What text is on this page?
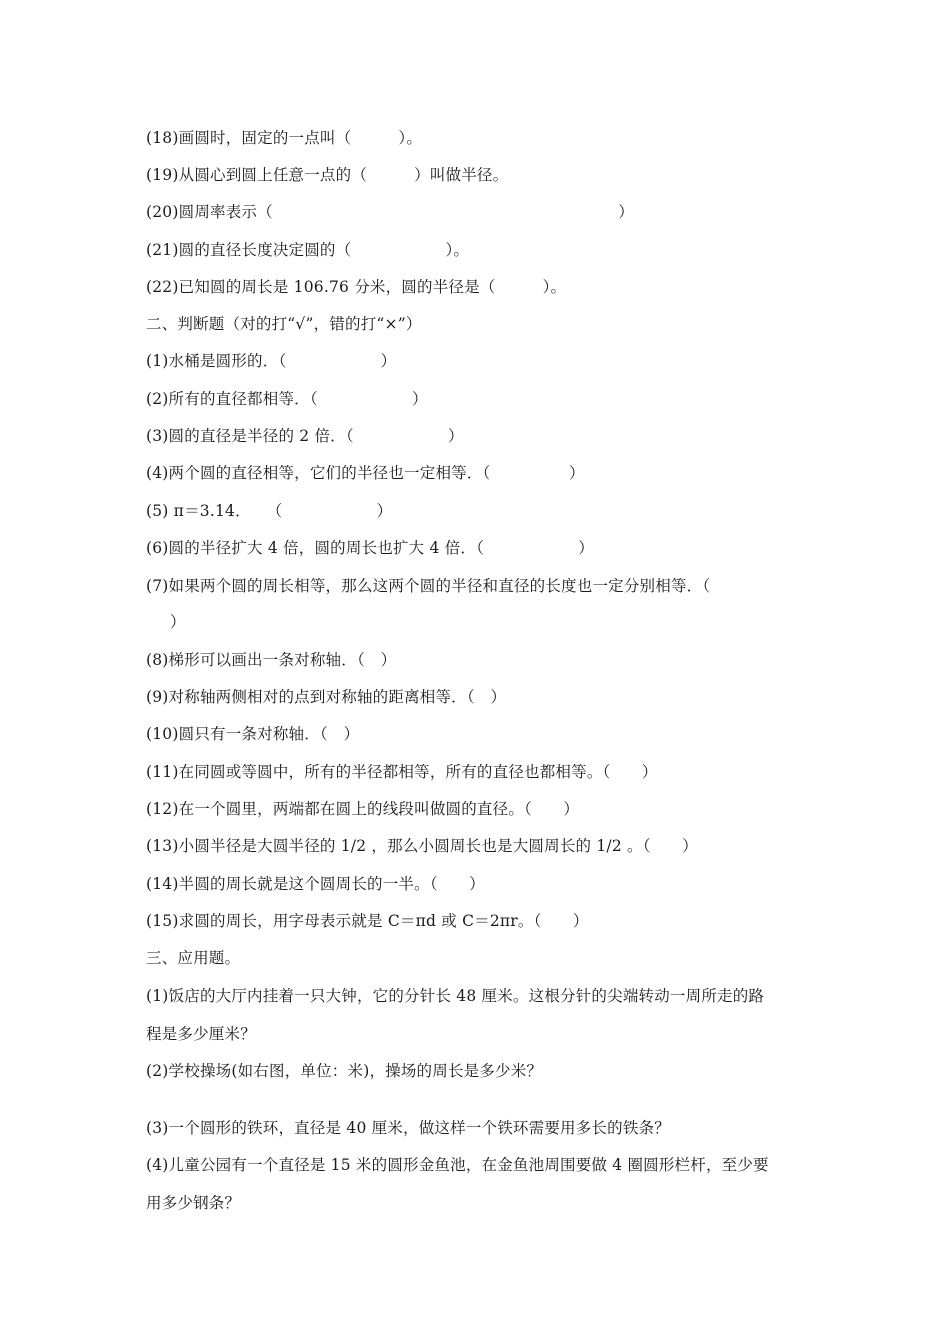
(18)画圆时，固定的一点叫（　　　）。
(19)从圆心到圆上任意一点的（　　　）叫做半径。
(20)圆周率表示（　　　　　　　　　　　　　　　　　　　　　　）
(21)圆的直径长度决定圆的（　　　　　　）。
(22)已知圆的周长是 106.76 分米，圆的半径是（　　　）。
二、判断题（对的打“√”，错的打“×”）
(1)水桶是圆形的．（　　　　　　）
(2)所有的直径都相等．（　　　　　　）
(3)圆的直径是半径的 2 倍．（　　　　　　）
(4)两个圆的直径相等，它们的半径也一定相等．（　　　　　）
(5) π＝3.14．　　（　　　　　　）
(6)圆的半径扩大 4 倍，圆的周长也扩大 4 倍．（　　　　　　）
(7)如果两个圆的周长相等，那么这两个圆的半径和直径的长度也一定分别相等．（
）
(8)梯形可以画出一条对称轴．（　）
(9)对称轴两侧相对的点到对称轴的距离相等．（　）
(10)圆只有一条对称轴．（　）
(11)在同圆或等圆中，所有的半径都相等，所有的直径也都相等。（　　）
(12)在一个圆里，两端都在圆上的线段叫做圆的直径。（　　）
(13)小圆半径是大圆半径的 1/2 ，那么小圆周长也是大圆周长的 1/2 。（　　）
(14)半圆的周长就是这个圆周长的一半。（　　）
(15)求圆的周长，用字母表示就是 C＝πd 或 C＝2πr。（　　）
三、应用题。
(1)饭店的大厅内挂着一只大钟，它的分针长 48 厘米。这根分针的尖端转动一周所走的路
程是多少厘米？
(2)学校操场(如右图，单位：米)，操场的周长是多少米？
(3)一个圆形的铁环，直径是 40 厘米，做这样一个铁环需要用多长的铁条？
(4)儿童公园有一个直径是 15 米的圆形金鱼池，在金鱼池周围要做 4 圈圆形栏杆，至少要
用多少钢条？
